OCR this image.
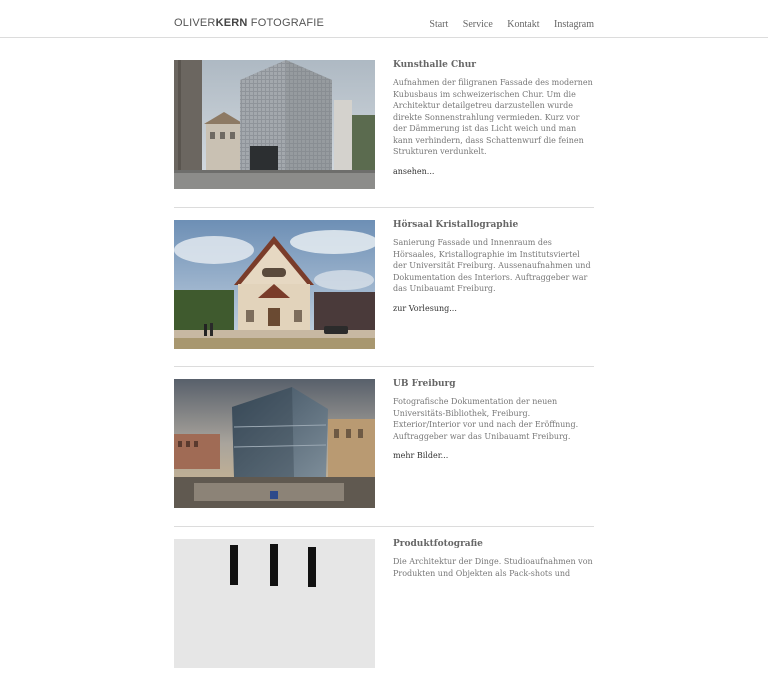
OLIVERKERN FOTOGRAFIE	Start Service Kontakt Instagram

Kunsthalle Chur

Aufnahmen der filigranen Fassade des modernen Kubusbaus im schweizerischen Chur. Um die Architektur detailgetreu darzustellen wurde direkte Sonnenstrahlung vermieden. Kurz vor der Dämmerung ist das Licht weich und man kann verhindern, dass Schattenwurf die feinen Strukturen verdunkelt.

ansehen...

Hörsaal Kristallographie

Sanierung Fassade und Innenraum des Hörsaales, Kristallographie im Institutsviertel der Universität Freiburg. Aussenaufnahmen und Dokumentation des Interiors. Auftraggeber war das Unibauamt Freiburg.

zur Vorlesung...

UB Freiburg

Fotografische Dokumentation der neuen Universitäts-Bibliothek, Freiburg. Exterior/Interior vor und nach der Eröffnung. Auftraggeber war das Unibauamt Freiburg.

mehr Bilder...

Produktfotografie

Die Architektur der Dinge. Studioaufnahmen von Produkten und Objekten als Pack-shots und
